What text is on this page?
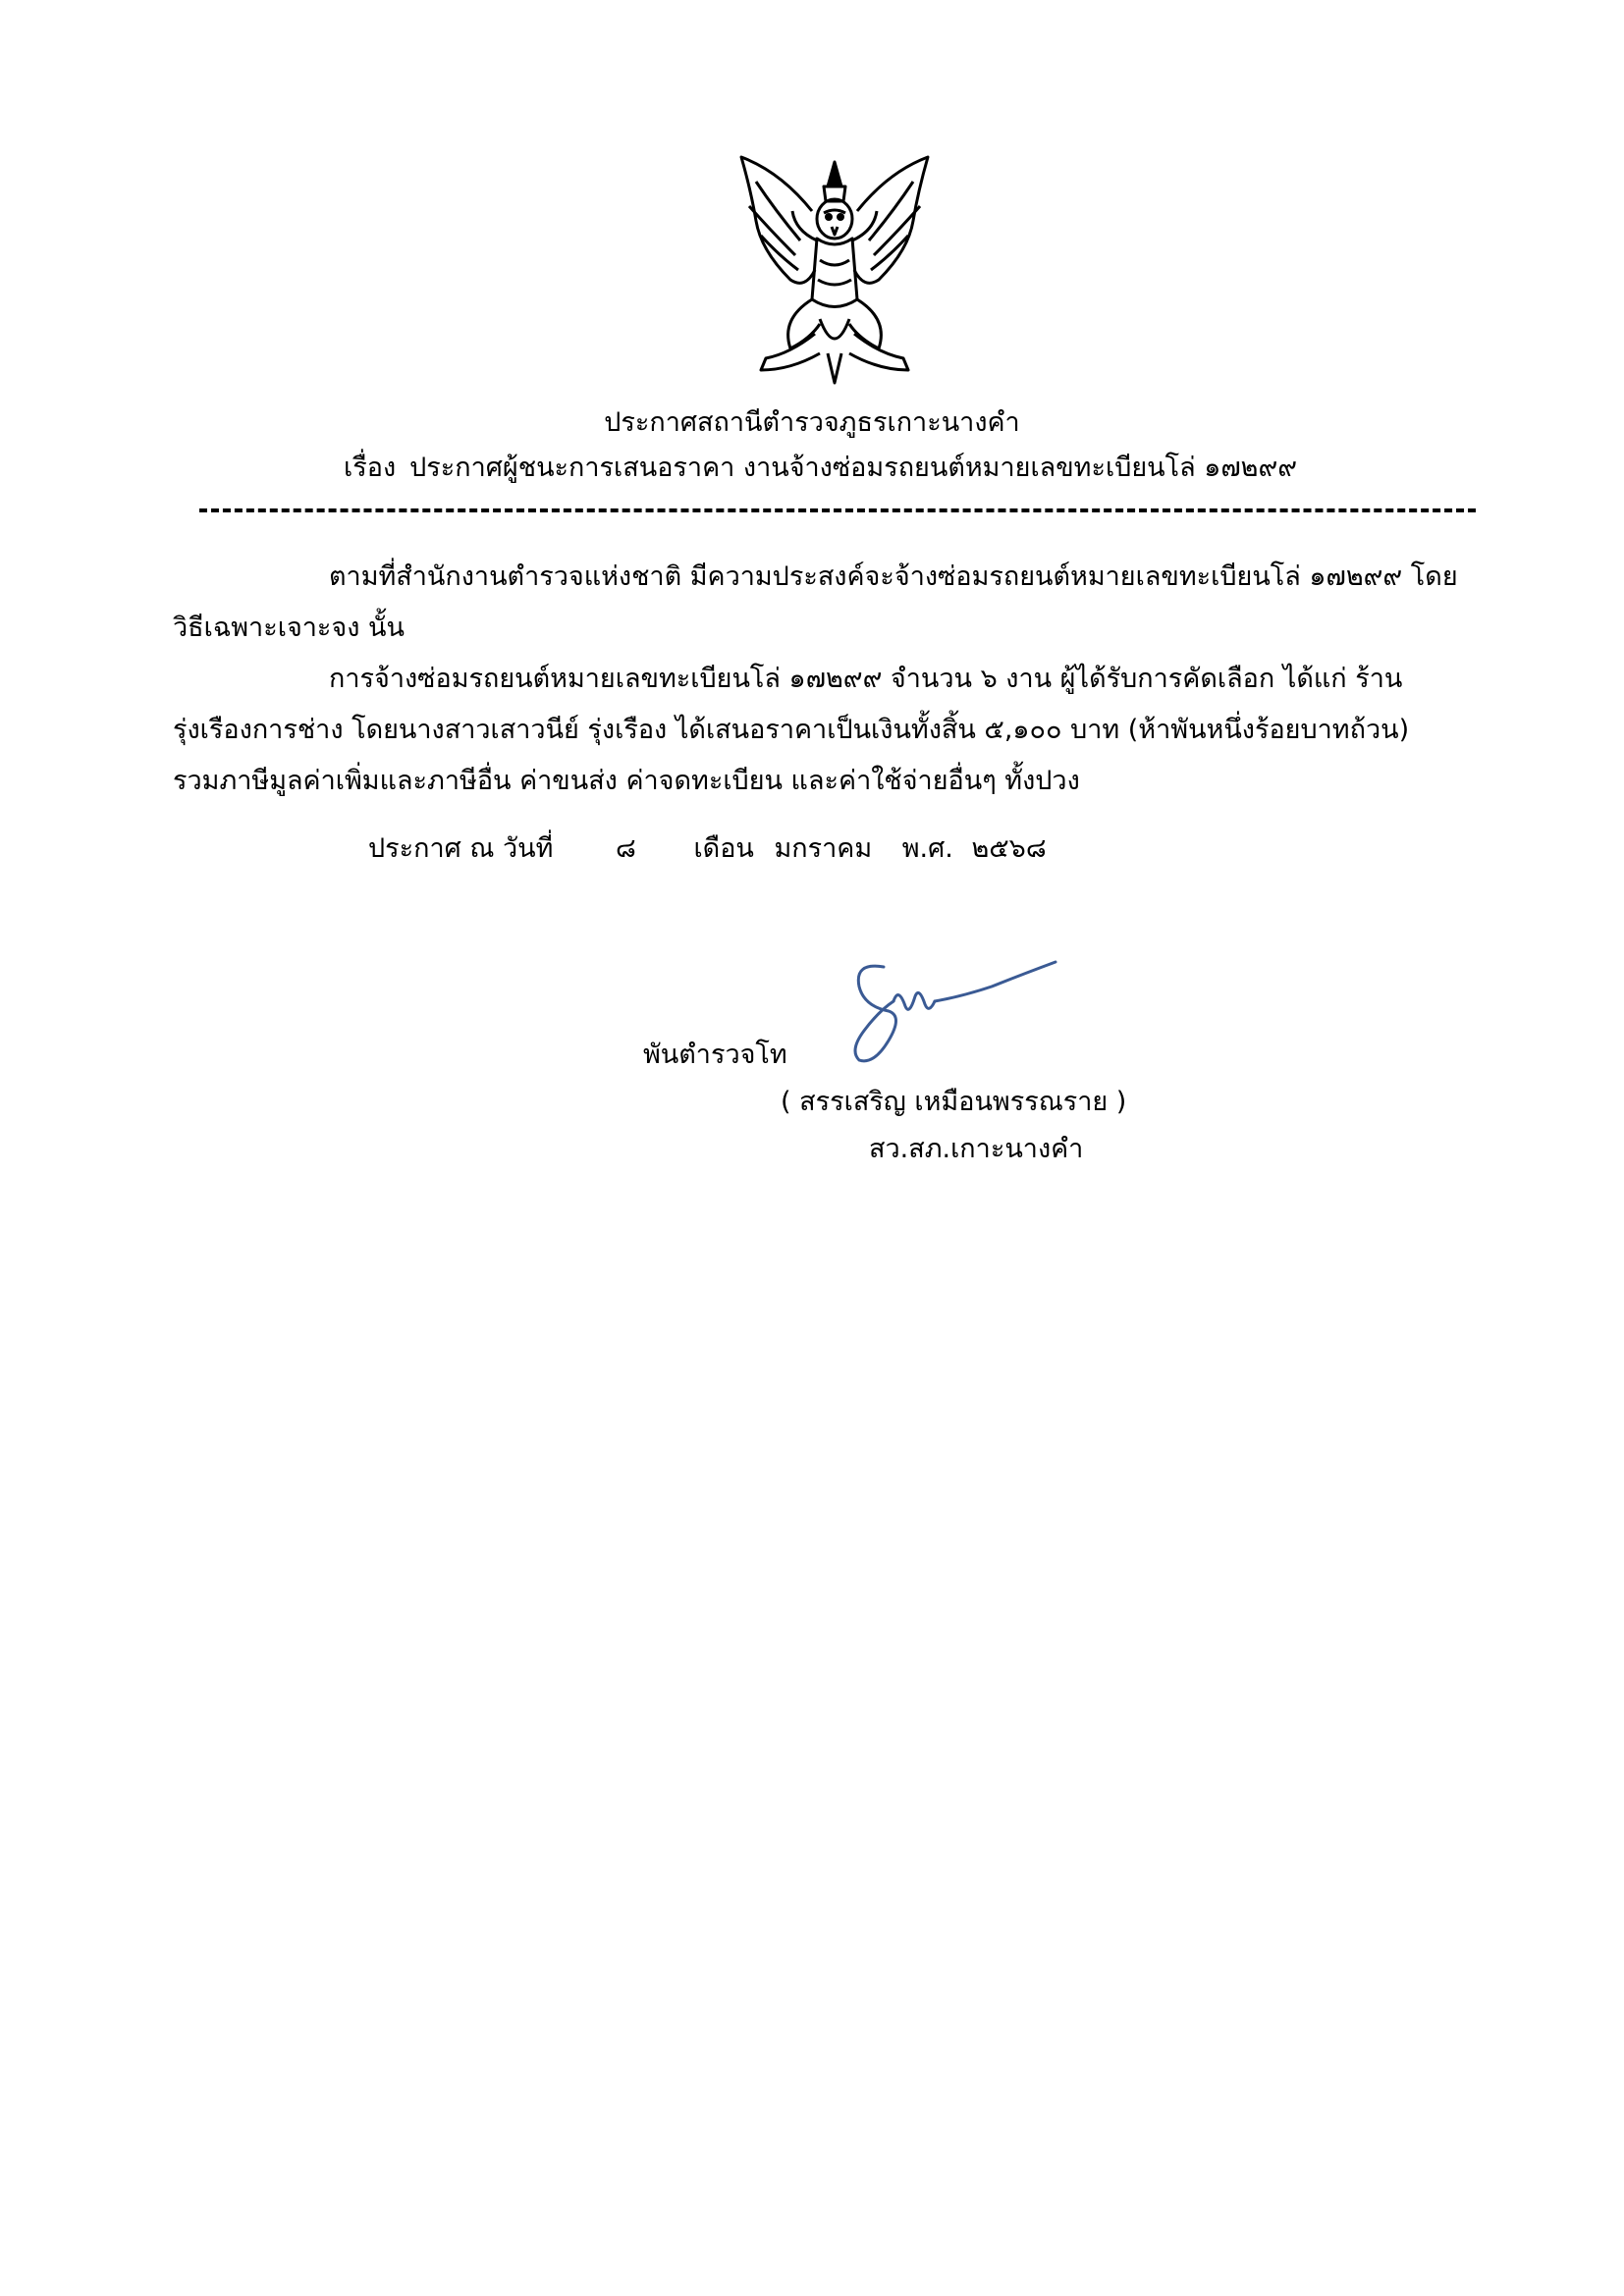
ประกาศสถานีตำรวจภูธรเกาะนางคำ
เรื่อง ประกาศผู้ชนะการเสนอราคา งานจ้างซ่อมรถยนต์หมายเลขทะเบียนโล่ ๑๗๒๙๙
ตามที่สำนักงานตำรวจแห่งชาติ มีความประสงค์จะจ้างซ่อมรถยนต์หมายเลขทะเบียนโล่ ๑๗๒๙๙ โดย
วิธีเฉพาะเจาะจง นั้น
การจ้างซ่อมรถยนต์หมายเลขทะเบียนโล่ ๑๗๒๙๙ จำนวน ๖ งาน ผู้ได้รับการคัดเลือก ได้แก่ ร้าน
รุ่งเรืองการช่าง โดยนางสาวเสาวนีย์ รุ่งเรือง ได้เสนอราคาเป็นเงินทั้งสิ้น ๕,๑๐๐ บาท (ห้าพันหนึ่งร้อยบาทถ้วน)
รวมภาษีมูลค่าเพิ่มและภาษีอื่น ค่าขนส่ง ค่าจดทะเบียน และค่าใช้จ่ายอื่นๆ ทั้งปวง
ประกาศ ณ วันที่ ๘ เดือน มกราคม พ.ศ. ๒๕๖๘
พันตำรวจโท
( สรรเสริญ เหมือนพรรณราย )
สว.สภ.เกาะนางคำ
